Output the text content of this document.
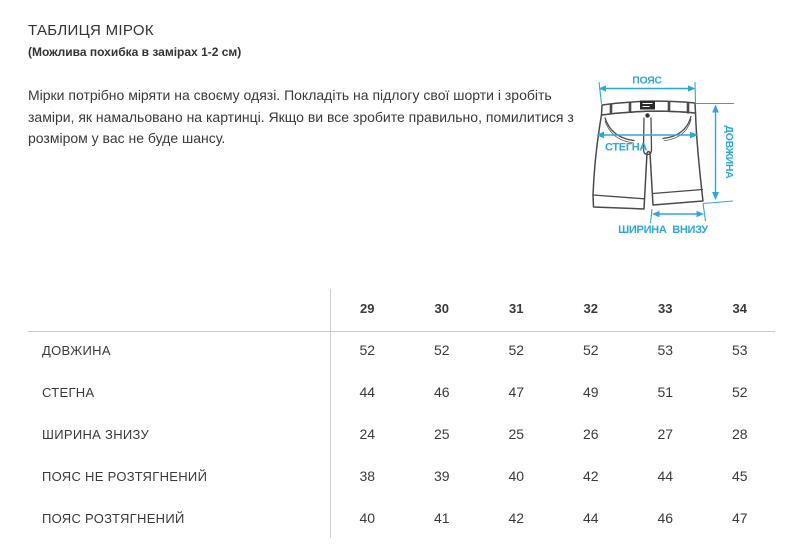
ТАБЛИЦЯ МІРОК
(Можлива похибка в замірах 1-2 см)
Мірки потрібно міряти на своєму одязі. Покладіть на підлогу свої шорти і зробіть заміри, як намальовано на картинці. Якщо ви все зробите правильно, помилитися з розміром у вас не буде шансу.
ПОЯС
СТЕГНА	ДОВЖИНА
ШИРИНА ВНИЗУ
29	30	31	32	33	34
ДОВЖИНА	52	52	52	52	53	53
СТЕГНА	44	46	47	49	51	52
ШИРИНА ЗНИЗУ	24	25	25	26	27	28
ПОЯС НЕ РОЗТЯГНЕНИЙ	38	39	40	42	44	45
ПОЯС РОЗТЯГНЕНИЙ	40	41	42	44	46	47
